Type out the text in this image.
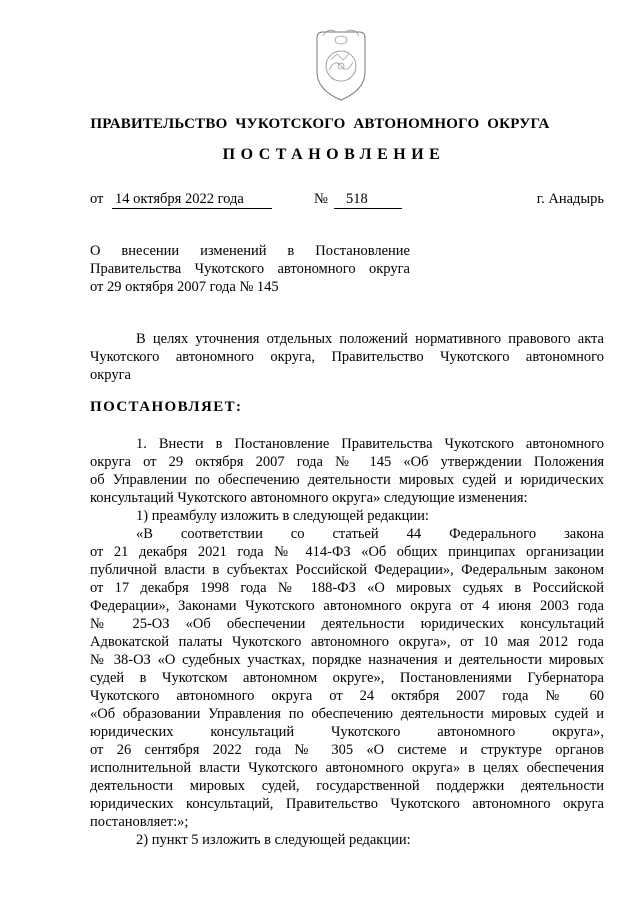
ПРАВИТЕЛЬСТВО ЧУКОТСКОГО АВТОНОМНОГО ОКРУГА
ПОСТАНОВЛЕНИЕ
от 14 октября 2022 года	№	518	г. Анадырь
О внесении изменений в Постановление
Правительства Чукотского автономного округа
от 29 октября 2007 года № 145
В целях уточнения отдельных положений нормативного правового акта
Чукотского автономного округа, Правительство Чукотского автономного
округа
ПОСТАНОВЛЯЕТ:
1. Внести в Постановление Правительства Чукотского автономного
округа от 29 октября 2007 года № 145 «Об утверждении Положения
об Управлении по обеспечению деятельности мировых судей и юридических
консультаций Чукотского автономного округа» следующие изменения:
1) преамбулу изложить в следующей редакции:
«В соответствии со статьей 44 Федерального закона
от 21 декабря 2021 года № 414-ФЗ «Об общих принципах организации
публичной власти в субъектах Российской Федерации», Федеральным законом
от 17 декабря 1998 года № 188-ФЗ «О мировых судьях в Российской
Федерации», Законами Чукотского автономного округа от 4 июня 2003 года
№ 25-ОЗ «Об обеспечении деятельности юридических консультаций
Адвокатской палаты Чукотского автономного округа», от 10 мая 2012 года
№ 38-ОЗ «О судебных участках, порядке назначения и деятельности мировых
судей в Чукотском автономном округе», Постановлениями Губернатора
Чукотского автономного округа от 24 октября 2007 года № 60
«Об образовании Управления по обеспечению деятельности мировых судей и
юридических консультаций Чукотского автономного округа»,
от 26 сентября 2022 года № 305 «О системе и структуре органов
исполнительной власти Чукотского автономного округа» в целях обеспечения
деятельности мировых судей, государственной поддержки деятельности
юридических консультаций, Правительство Чукотского автономного округа
постановляет:»;
2) пункт 5 изложить в следующей редакции:
